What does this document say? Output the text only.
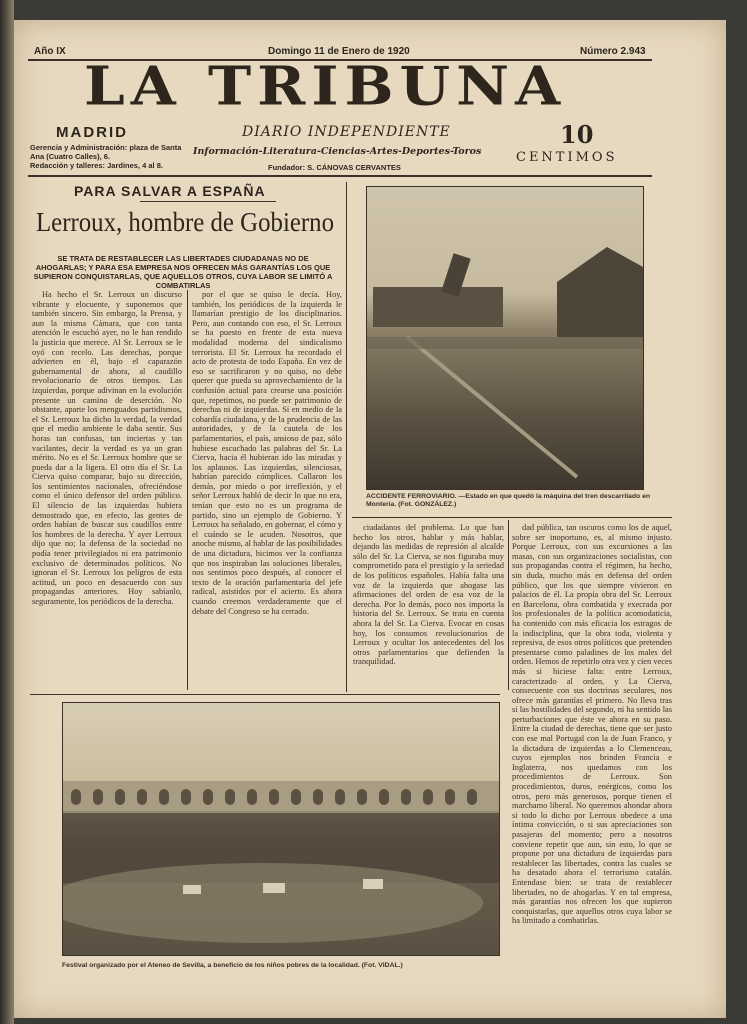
Año IX	Domingo 11 de Enero de 1920	Número 2.943
LA TRIBUNA
MADRID	DIARIO INDEPENDIENTE
Información-Literatura-Ciencias-Artes-Deportes-Toros
Fundador: S. CÁNOVAS CERVANTES
Gerencia y Administración: plaza de Santa Ana (Cuatro Calles), 6.
Redacción y talleres: Jardines, 4 al 8.
10
CENTIMOS
PARA SALVAR A ESPAÑA
Lerroux, hombre de Gobierno
SE TRATA DE RESTABLECER LAS LIBERTADES CIUDADANAS NO DE AHOGARLAS; Y PARA ESA EMPRESA NOS OFRECEN MÁS GARANTÍAS LOS QUE SUPIERON CONQUISTARLAS, QUE AQUELLOS OTROS, CUYA LABOR SE LIMITÓ A COMBATIRLAS
Ha hecho el Sr. Lerroux un discurso vibrante y elocuente, y suponemos que también sincero. Sin embargo, la Prensa, y aun la misma Cámara, que con tanta atención le escuchó ayer, no le han rendido la justicia que merece. Al Sr. Lerroux se le oyó con recelo. Las derechas, porque advierten en él, bajo el caparazón gubernamental de ahora, al caudillo revolucionario de otros tiempos. Las izquierdas, porque adivinan en la evolución presente un camino de deserción. No obstante, aparte los menguados partidismos, el Sr. Lerroux ha dicho la verdad, la verdad que el medio ambiente le daba sentir. Sus horas tan confusas, tan inciertas y tan vacilantes, decir la verdad es ya un gran mérito. No es el Sr. Lerroux hombre que se pueda dar a la ligera. El otro día el Sr. La Cierva quiso comparar, bajo su dirección, los sentimientos nacionales, ofreciéndose como el único defensor del orden público. El silencio de las izquierdas hubiera demostrado que, en efecto, las gentes de orden habían de buscar sus caudillos entre los hombres de la derecha. Y ayer Lerroux dijo que no; la defensa de la sociedad no podía tener privilegiados ni era patrimonio exclusivo de determinados políticos. No ignoran el Sr. Lerroux los peligros de esta actitud, un poco en desacuerdo con sus propagandas anteriores. Hoy sabíanlo, seguramente, los periódicos de la derecha.
por el que se quiso le decía. Hoy, también, los periódicos de la izquierda le llamarían prestigio de los disciplinarios. Pero, aun contando con eso, el Sr. Lerroux se ha puesto en frente de esta nueva modalidad moderna del sindicalismo terrorista. El Sr. Lerroux ha recordado el acto de protesta de todo España. En vez de eso se sacrificaron y no quiso, no debe querer que pueda su aprovechamiento de la confusión actual para crearse una posición que, repetimos, no puede ser patrimonio de derechas ni de izquierdas. Si en medio de la cobardía ciudadana, y de la prudencia de las autoridades, y de la cautela de los parlamentarios, el país, ansioso de paz, sólo hubiese escuchado las palabras del Sr. La Cierva, hacia él hubieran ido las miradas y los aplausos. Las izquierdas, silenciosas, habrían parecido cómplices. Callaron los demás, por miedo o por irreflexión, y el señor Lerroux habló de decir lo que no era, tenían que esto no es un programa de partido, sino un ejemplo de Gobierno. Y Lerroux ha señalado, en gobernar, el cómo y el cuándo se le acuden. Nosotros, que anoche mismo, al hablar de las posibilidades de una dictadura, hicimos ver la confianza que nos inspiraban las soluciones liberales, nos sentimos poco después, al conocer el texto de la oración parlamentaria del jefe radical, asistidos por el acierto. Es ahora cuando creemos verdaderamente que el debate del Congreso se ha cerrado.
ciudadanos del problema. Lo que han hecho los otros, hablar y más hablar, dejando las medidas de represión al alcalde sólo del Sr. La Cierva, se nos figuraba muy comprometido para el prestigio y la seriedad de los políticos españoles. Había falta una voz de la izquierda que ahogase las afirmaciones del orden de esa voz de la derecha. Por lo demás, poco nos importa la historia del Sr. Lerroux. Se trata en cuenta ahora la del Sr. La Cierva. Evocar en cosas hoy, los consumos revolucionarios de Lerroux y ocultar los antecedentes del los otros parlamentarios que defienden la tranquilidad.
dad pública, tan oscuros como los de aquel, sobre ser inoportuno, es, al mismo injusto. Porque Lerroux, con sus excursiones a las masas, con sus organizaciones socialistas, con sus propagandas contra el régimen, ha hecho, sin duda, mucho más en defensa del orden público, que los que siempre vivieron en palacios de él. La propia obra del Sr. Lerroux en Barcelona, obra combatida y execrada por los profesionales de la política acomodaticia, ha contenido con más eficacia los estragos de la indisciplina, que la obra toda, violenta y represiva, de esos otros políticos que pretenden presentarse como paladines de los males del orden. Hemos de repetirlo otra vez y cien veces más si hiciese falta: entre Lerroux, caracterizado al orden, y La Cierva, consecuente con sus doctrinas seculares, nos ofrece más garantías el primero. No lleva tras sí las hostilidades del segundo, ni ha sentido las perturbaciones que éste ve ahora en su paso. Entre la ciudad de derechas, tiene que ser justo con ese mal Portugal con la de Juan Franco, y la dictadura de izquierdas a lo Clemenceau, cuyos ejemplos nos brinden Francia e Inglaterra, nos quedamos con los procedimientos de Lerroux. Son procedimientos, duros, enérgicos, como los otros, pero más generosos, porque tienen el marchamo liberal. No queremos ahondar ahora si todo lo dicho por Lerroux obedece a una íntima convicción, o si sus apreciaciones son pasajeras del momento; pero a nosotros conviene repetir que aun, sin esto, lo que se propone por una dictadura de izquierdas para restablecer las libertades, contra las cuales se ha desatado ahora el terrorismo catalán. Entendase bien: se trata de restablecer libertades, no de ahogarlas. Y en tal empresa, más garantías nos ofrecen los que supieron conquistarlas, que aquellos otros cuya labor se ha limitado a combatirlas.
ACCIDENTE FERROVIARIO. —Estado en que quedó la máquina del tren descarrilado en Monteria. (Fot. GONZÁLEZ.)
Festival organizado por el Ateneo de Sevilla, a beneficio de los niños pobres de la localidad. (Fot. VIDAL.)
